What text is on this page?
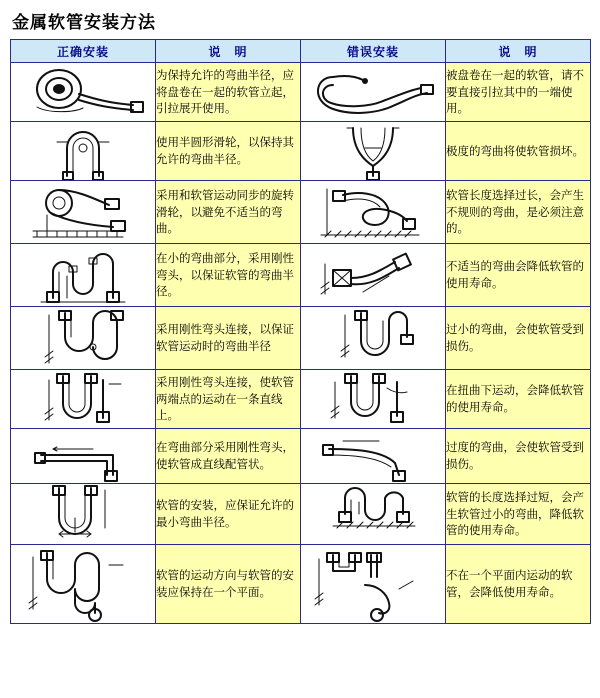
金属软管安装方法
正确安装	说　明	错误安装	说　明

	为保持允许的弯曲半径，应将盘卷在一起的软管立起，引拉展开使用。		被盘卷在一起的软管，请不要直接引拉其中的一端使用。

	使用半圆形滑轮，以保持其允许的弯曲半径。		极度的弯曲将使软管损坏。

	采用和软管运动同步的旋转滑轮，以避免不适当的弯曲。		软管长度选择过长，会产生不规则的弯曲，是必须注意的。

	在小的弯曲部分，采用刚性弯头，以保证软管的弯曲半径。		不适当的弯曲会降低软管的使用寿命。

	采用刚性弯头连接，以保证软管运动时的弯曲半径		过小的弯曲，会使软管受到损伤。

	采用刚性弯头连接，使软管两端点的运动在一条直线上。		在扭曲下运动，会降低软管的使用寿命。

	在弯曲部分采用刚性弯头，使软管成直线配管状。		过度的弯曲，会使软管受到损伤。

	软管的安装，应保证允许的最小弯曲半径。		软管的长度选择过短，会产生软管过小的弯曲，降低软管的使用寿命。

	软管的运动方向与软管的安装应保持在一个平面。		不在一个平面内运动的软管，会降低使用寿命。
